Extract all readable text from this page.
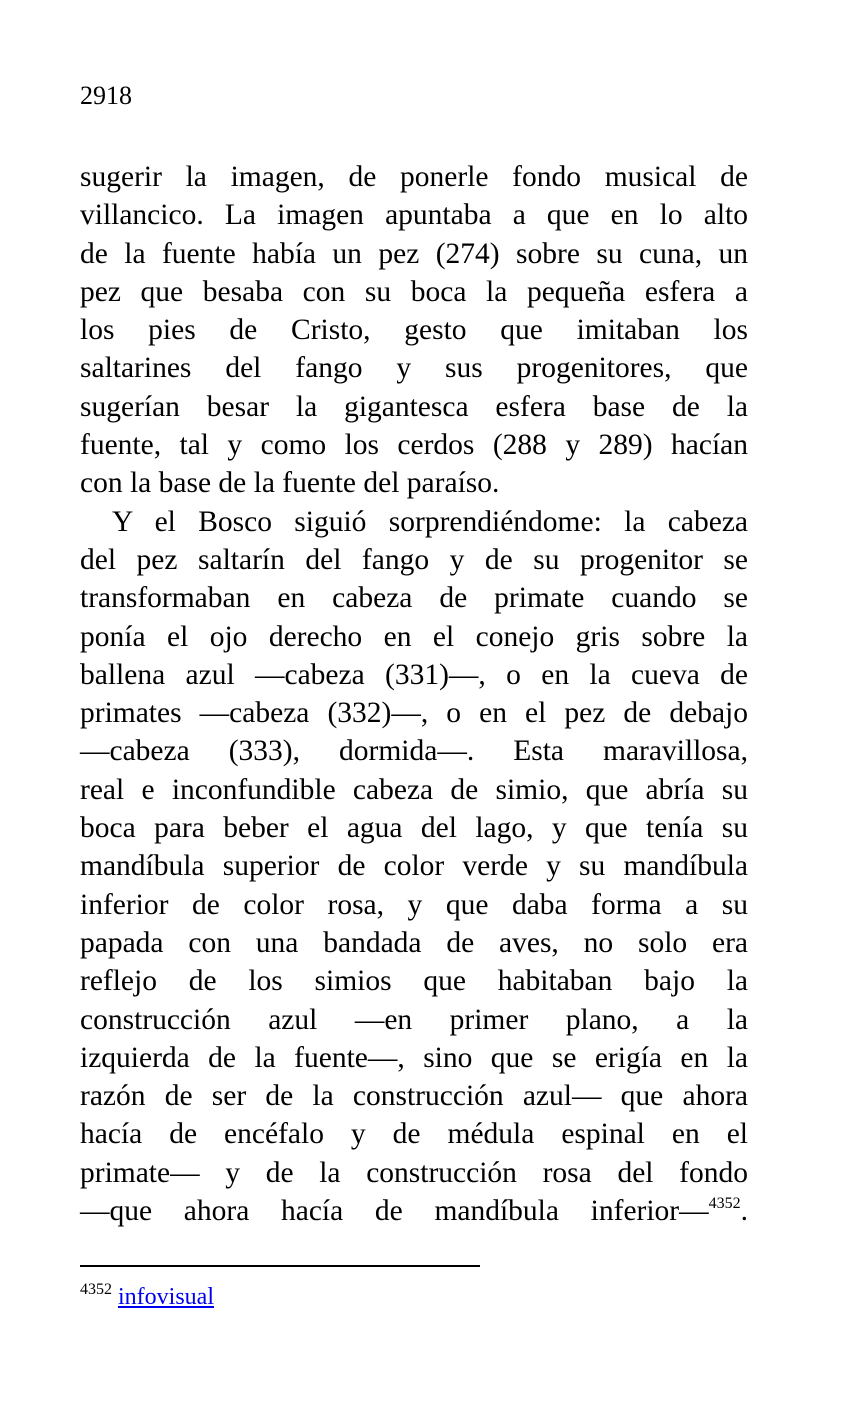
2918
sugerir la imagen, de ponerle fondo musical de
villancico. La imagen apuntaba a que en lo alto
de la fuente había un pez (274) sobre su cuna, un
pez que besaba con su boca la pequeña esfera a
los pies de Cristo, gesto que imitaban los
saltarines del fango y sus progenitores, que
sugerían besar la gigantesca esfera base de la
fuente, tal y como los cerdos (288 y 289) hacían
con la base de la fuente del paraíso.
Y el Bosco siguió sorprendiéndome: la cabeza
del pez saltarín del fango y de su progenitor se
transformaban en cabeza de primate cuando se
ponía el ojo derecho en el conejo gris sobre la
ballena azul —cabeza (331)—, o en la cueva de
primates —cabeza (332)—, o en el pez de debajo
—cabeza (333), dormida—. Esta maravillosa,
real e inconfundible cabeza de simio, que abría su
boca para beber el agua del lago, y que tenía su
mandíbula superior de color verde y su mandíbula
inferior de color rosa, y que daba forma a su
papada con una bandada de aves, no solo era
reflejo de los simios que habitaban bajo la
construcción azul —en primer plano, a la
izquierda de la fuente—, sino que se erigía en la
razón de ser de la construcción azul— que ahora
hacía de encéfalo y de médula espinal en el
primate— y de la construcción rosa del fondo
—que ahora hacía de mandíbula inferior—$^{4352}$.
$^{4352}$ infovisual
